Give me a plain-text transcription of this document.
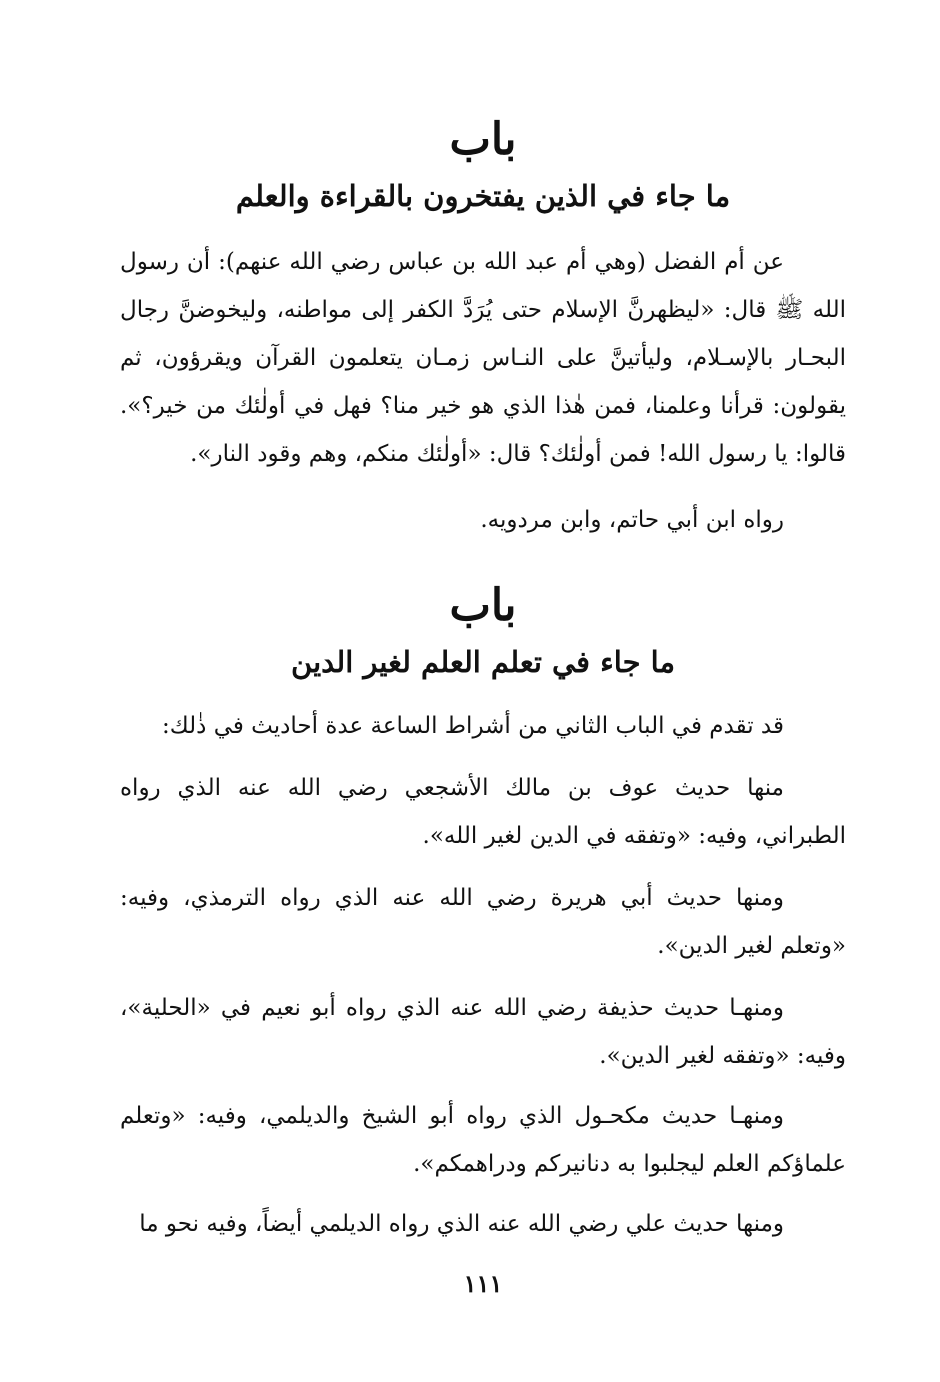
باب
ما جاء في الذين يفتخرون بالقراءة والعلم

عن أم الفضل (وهي أم عبد الله بن عباس رضي الله عنهم): أن رسول الله ﷺ قال: «ليظهرنَّ الإسلام حتى يُرَدَّ الكفر إلى مواطنه، وليخوضنَّ رجال البحـار بالإسـلام، وليأتينَّ على النـاس زمـان يتعلمون القرآن ويقرؤون، ثم يقولون: قرأنا وعلمنا، فمن هٰذا الذي هو خير منا؟ فهل في أولٰئك من خير؟». قالوا: يا رسول الله! فمن أولٰئك؟ قال: «أولٰئك منكم، وهم وقود النار».

رواه ابن أبي حاتم، وابن مردويه.

باب
ما جاء في تعلم العلم لغير الدين

قد تقدم في الباب الثاني من أشراط الساعة عدة أحاديث في ذٰلك:

منها حديث عوف بن مالك الأشجعي رضي الله عنه الذي رواه الطبراني، وفيه: «وتفقه في الدين لغير الله».

ومنها حديث أبي هريرة رضي الله عنه الذي رواه الترمذي، وفيه: «وتعلم لغير الدين».

ومنهـا حديث حذيفة رضي الله عنه الذي رواه أبو نعيم في «الحلية»، وفيه: «وتفقه لغير الدين».

ومنهـا حديث مكحـول الذي رواه أبو الشيخ والديلمي، وفيه: «وتعلم علماؤكم العلم ليجلبوا به دنانيركم ودراهمكم».

ومنها حديث علي رضي الله عنه الذي رواه الديلمي أيضاً، وفيه نحو ما

١١١
